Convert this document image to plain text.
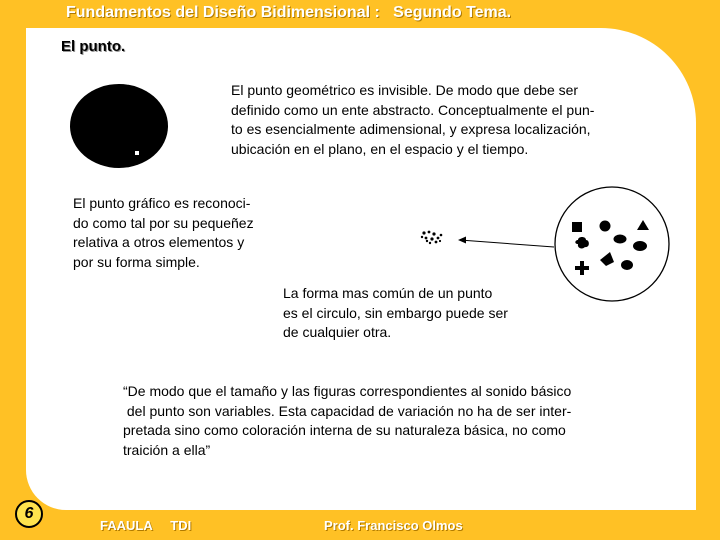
Fundamentos del Diseño Bidimensional : Segundo Tema.
El punto.
El punto geométrico es invisible. De modo que debe ser
definido como un ente abstracto. Conceptualmente el pun-
to es esencialmente adimensional, y expresa localización,
ubicación en el plano, en el espacio y el tiempo.
El punto gráfico es reconoci-
do como tal por su pequeñez
relativa a otros elementos y
por su forma simple.
La forma mas común de un punto
es el circulo, sin embargo puede ser
de cualquier otra.
“De modo que el tamaño y las figuras correspondientes al sonido básico
del punto son variables. Esta capacidad de variación no ha de ser inter-
pretada sino como coloración interna de su naturaleza básica, no como
traición a ella”
FAAULA     TDI	Prof. Francisco Olmos
6
